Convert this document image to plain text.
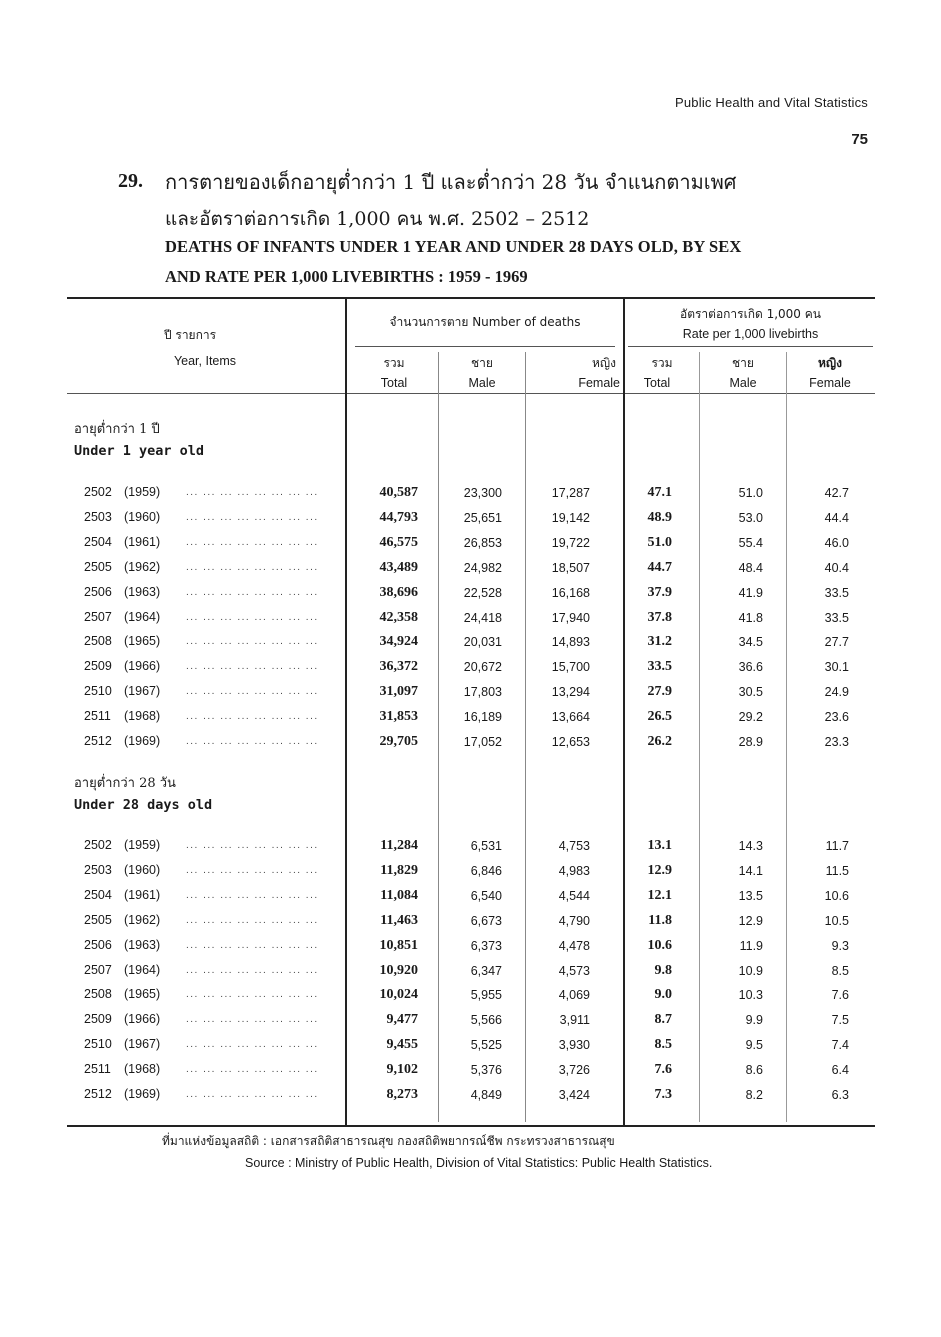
Public Health and Vital Statistics
75
29. การตายของเด็กอายุต่ำกว่า 1 ปี และต่ำกว่า 28 วัน จำแนกตามเพศ
และอัตราต่อการเกิด 1,000 คน พ.ศ. 2502 – 2512
DEATHS OF INFANTS UNDER 1 YEAR AND UNDER 28 DAYS OLD, BY SEX
AND RATE PER 1,000 LIVEBIRTHS : 1959 - 1969
ปี รายการ
Year, Items
จำนวนการตาย Number of deaths
อัตราต่อการเกิด 1,000 คน
Rate per 1,000 livebirths
รวม
Total
ชาย
Male
หญิง
Female
รวม
Total
ชาย
Male
หญิง
Female
อายุต่ำกว่า 1 ปี
Under 1 year old
2502 (1959)	... ... ... ... ... ... ... ...	40,587	23,300	17,287	47.1	51.0	42.7
2503 (1960)	... ... ... ... ... ... ... ...	44,793	25,651	19,142	48.9	53.0	44.4
2504 (1961)	... ... ... ... ... ... ... ...	46,575	26,853	19,722	51.0	55.4	46.0
2505 (1962)	... ... ... ... ... ... ... ...	43,489	24,982	18,507	44.7	48.4	40.4
2506 (1963)	... ... ... ... ... ... ... ...	38,696	22,528	16,168	37.9	41.9	33.5
2507 (1964)	... ... ... ... ... ... ... ...	42,358	24,418	17,940	37.8	41.8	33.5
2508 (1965)	... ... ... ... ... ... ... ...	34,924	20,031	14,893	31.2	34.5	27.7
2509 (1966)	... ... ... ... ... ... ... ...	36,372	20,672	15,700	33.5	36.6	30.1
2510 (1967)	... ... ... ... ... ... ... ...	31,097	17,803	13,294	27.9	30.5	24.9
2511 (1968)	... ... ... ... ... ... ... ...	31,853	16,189	13,664	26.5	29.2	23.6
2512 (1969)	... ... ... ... ... ... ... ...	29,705	17,052	12,653	26.2	28.9	23.3
อายุต่ำกว่า 28 วัน
Under 28 days old
2502 (1959)	... ... ... ... ... ... ... ...	11,284	6,531	4,753	13.1	14.3	11.7
2503 (1960)	... ... ... ... ... ... ... ...	11,829	6,846	4,983	12.9	14.1	11.5
2504 (1961)	... ... ... ... ... ... ... ...	11,084	6,540	4,544	12.1	13.5	10.6
2505 (1962)	... ... ... ... ... ... ... ...	11,463	6,673	4,790	11.8	12.9	10.5
2506 (1963)	... ... ... ... ... ... ... ...	10,851	6,373	4,478	10.6	11.9	9.3
2507 (1964)	... ... ... ... ... ... ... ...	10,920	6,347	4,573	9.8	10.9	8.5
2508 (1965)	... ... ... ... ... ... ... ...	10,024	5,955	4,069	9.0	10.3	7.6
2509 (1966)	... ... ... ... ... ... ... ...	9,477	5,566	3,911	8.7	9.9	7.5
2510 (1967)	... ... ... ... ... ... ... ...	9,455	5,525	3,930	8.5	9.5	7.4
2511 (1968)	... ... ... ... ... ... ... ...	9,102	5,376	3,726	7.6	8.6	6.4
2512 (1969)	... ... ... ... ... ... ... ...	8,273	4,849	3,424	7.3	8.2	6.3
ที่มาแห่งข้อมูลสถิติ : เอกสารสถิติสาธารณสุข กองสถิติพยากรณ์ชีพ กระทรวงสาธารณสุข
Source : Ministry of Public Health, Division of Vital Statistics: Public Health Statistics.
